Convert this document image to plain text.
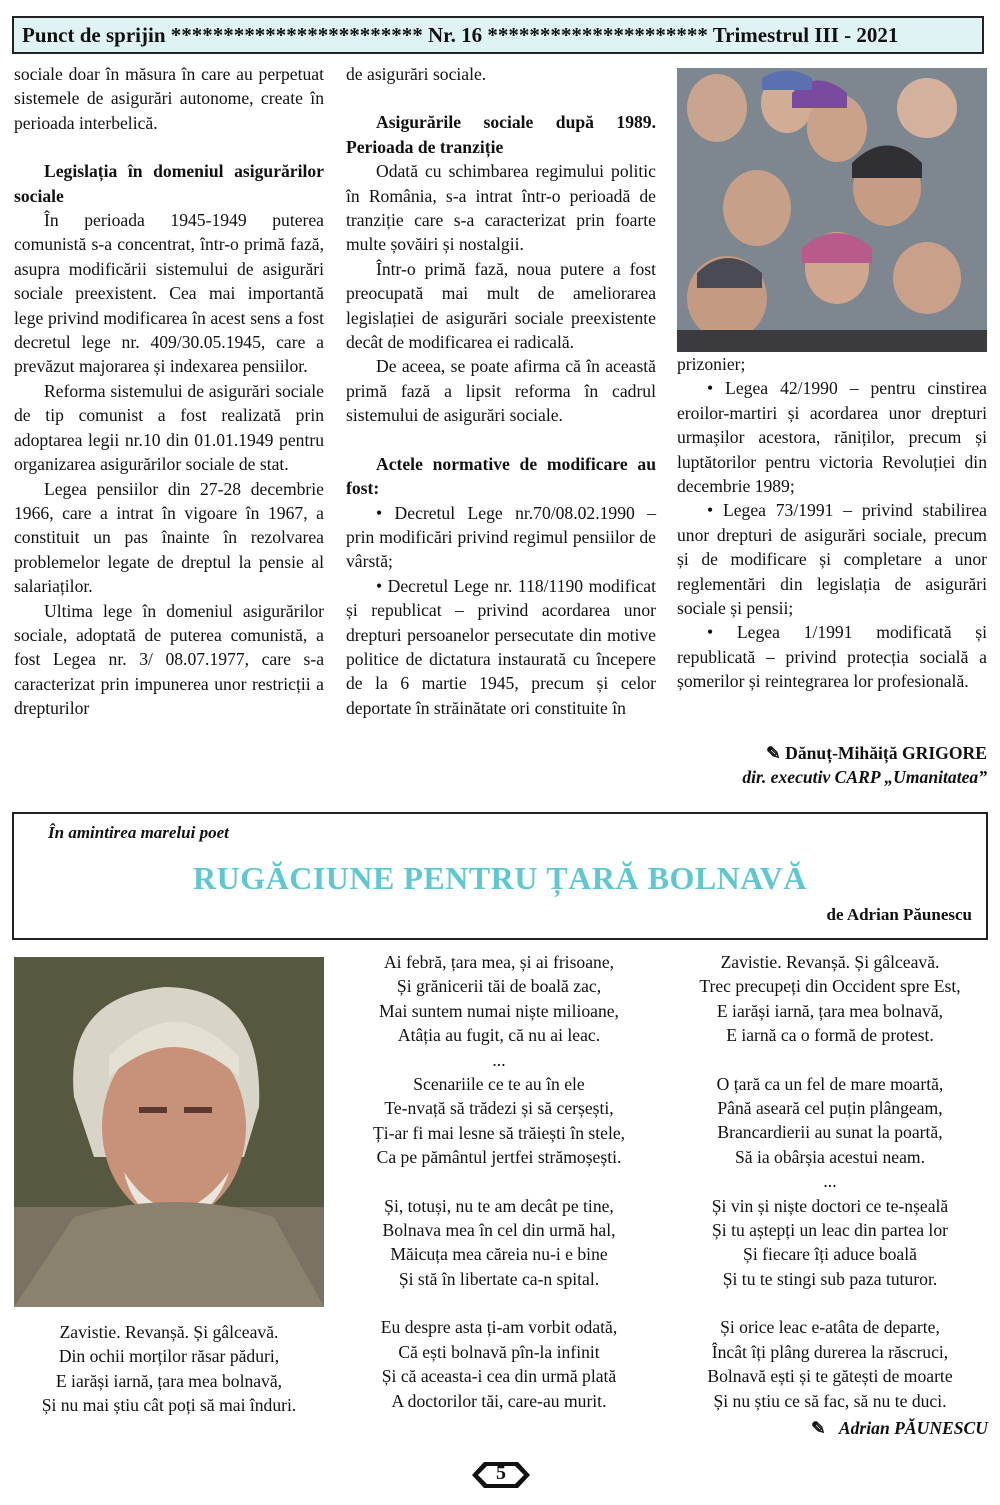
Punct de sprijin ************************ Nr. 16 ********************* Trimestrul III - 2021

sociale doar în măsura în care au perpetuat sistemele de asigurări autonome, create în perioada interbelică.

Legislația în domeniul asigurărilor sociale

În perioada 1945-1949 puterea comunistă s-a concentrat, într-o primă fază, asupra modificării sistemului de asigurări sociale preexistent. Cea mai importantă lege privind modificarea în acest sens a fost decretul lege nr. 409/30.05.1945, care a prevăzut majorarea și indexarea pensiilor.

Reforma sistemului de asigurări sociale de tip comunist a fost realizată prin adoptarea legii nr.10 din 01.01.1949 pentru organizarea asigurărilor sociale de stat.

Legea pensiilor din 27-28 decembrie 1966, care a intrat în vigoare în 1967, a constituit un pas înainte în rezolvarea problemelor legate de dreptul la pensie al salariaților.

Ultima lege în domeniul asigurărilor sociale, adoptată de puterea comunistă, a fost Legea nr. 3/ 08.07.1977, care s-a caracterizat prin impunerea unor restricții a drepturilor

de asigurări sociale.

Asigurările sociale după 1989. Perioada de tranziție

Odată cu schimbarea regimului politic în România, s-a intrat într-o perioadă de tranziție care s-a caracterizat prin foarte multe șovăiri și nostalgii.

Într-o primă fază, noua putere a fost preocupată mai mult de ameliorarea legislației de asigurări sociale preexistente decât de modificarea ei radicală.

De aceea, se poate afirma că în această primă fază a lipsit reforma în cadrul sistemului de asigurări sociale.

Actele normative de modificare au fost:

• Decretul Lege nr.70/08.02.1990 – prin modificări privind regimul pensiilor de vârstă;

• Decretul Lege nr. 118/1190 modificat și republicat – privind acordarea unor drepturi persoanelor persecutate din motive politice de dictatura instaurată cu începere de la 6 martie 1945, precum și celor deportate în străinătate ori constituite în

prizonier;

• Legea 42/1990 – pentru cinstirea eroilor-martiri și acordarea unor drepturi urmașilor acestora, răniților, precum și luptătorilor pentru victoria Revoluției din decembrie 1989;

• Legea 73/1991 – privind stabilirea unor drepturi de asigurări sociale, precum și de modificare și completare a unor reglementări din legislația de asigurări sociale și pensii;

• Legea 1/1991 modificată și republicată – privind protecția socială a șomerilor și reintegrarea lor profesională.

✎ Dănuț-Mihăiță GRIGORE
dir. executiv CARP „Umanitatea”
În amintirea marelui poet
RUGĂCIUNE PENTRU ȚARĂ BOLNAVĂ
de Adrian Păunescu
Zavistie. Revanșă. Și gâlceavă.
Din ochii morților răsar păduri,
E iarăși iarnă, țara mea bolnavă,
Și nu mai știu cât poți să mai înduri.
Ai febră, țara mea, și ai frisoane,
Și grănicerii tăi de boală zac,
Mai suntem numai niște milioane,
Atâția au fugit, că nu ai leac.
...
Scenariile ce te au în ele
Te-nvață să trădezi și să cerșești,
Ți-ar fi mai lesne să trăiești în stele,
Ca pe pământul jertfei strămoșești.
Și, totuși, nu te am decât pe tine,
Bolnava mea în cel din urmă hal,
Măicuța mea căreia nu-i e bine
Și stă în libertate ca-n spital.
Eu despre asta ți-am vorbit odată,
Că ești bolnavă pîn-la infinit
Și că aceasta-i cea din urmă plată
A doctorilor tăi, care-au murit.
Zavistie. Revanșă. Și gâlceavă.
Trec precupeți din Occident spre Est,
E iarăși iarnă, țara mea bolnavă,
E iarnă ca o formă de protest.
O țară ca un fel de mare moartă,
Până aseară cel puțin plângeam,
Brancardierii au sunat la poartă,
Să ia obârșia acestui neam.
...
Și vin și niște doctori ce te-nșeală
Și tu aștepți un leac din partea lor
Și fiecare îți aduce boală
Și tu te stingi sub paza tuturor.
Și orice leac e-atâta de departe,
Încât îți plâng durerea la răscruci,
Bolnavă ești și te gătești de moarte
Și nu știu ce să fac, să nu te duci.
✎ Adrian PĂUNESCU
5
